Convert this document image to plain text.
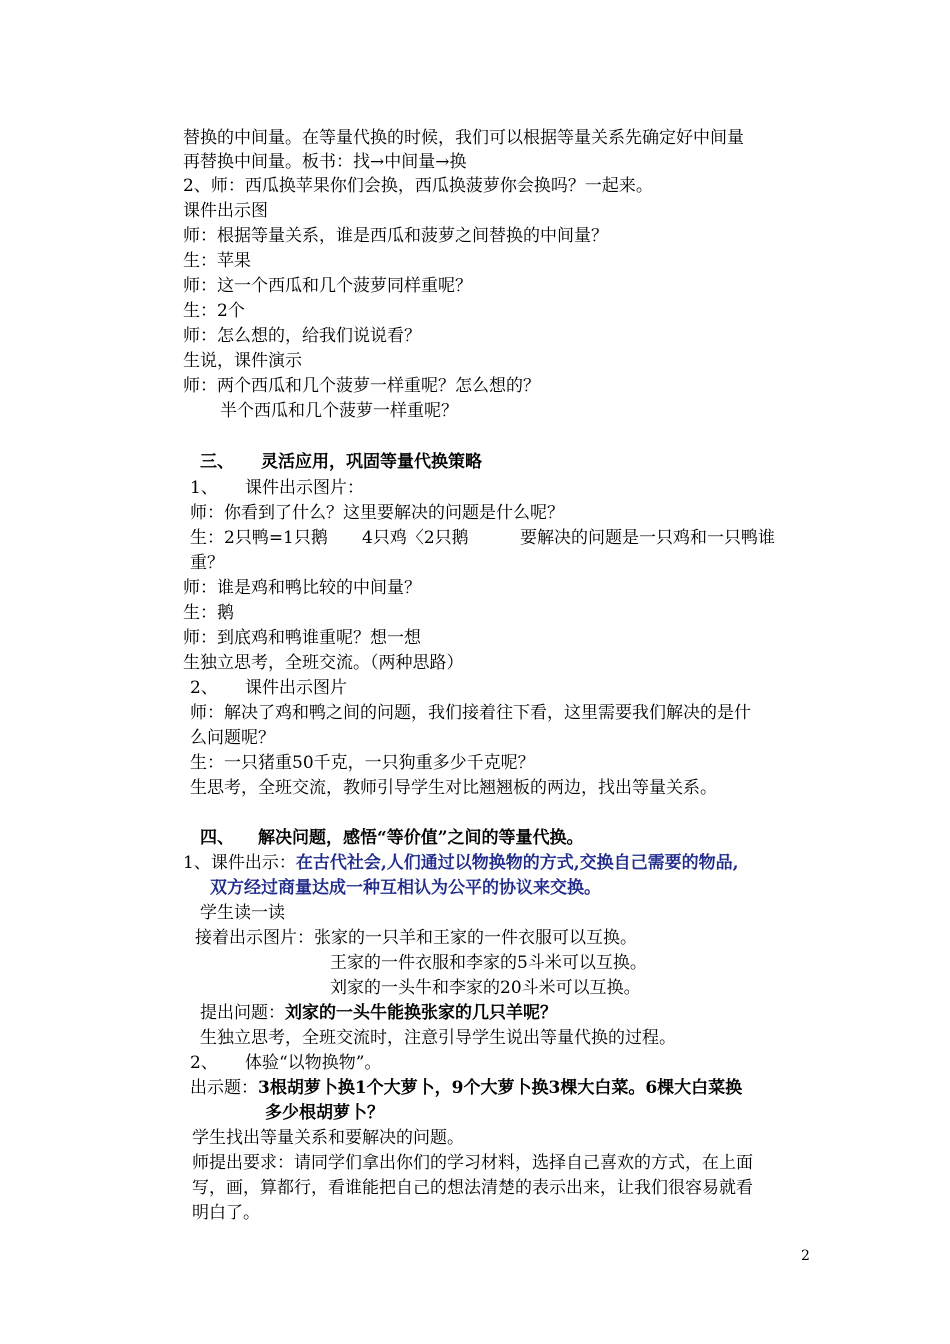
替换的中间量。在等量代换的时候，我们可以根据等量关系先确定好中间量
再替换中间量。板书：找→中间量→换
2、师：西瓜换苹果你们会换，西瓜换菠萝你会换吗？一起来。
课件出示图
师：根据等量关系，谁是西瓜和菠萝之间替换的中间量？
生：苹果
师：这一个西瓜和几个菠萝同样重呢？
生：2个
师：怎么想的，给我们说说看？
生说，课件演示
师：两个西瓜和几个菠萝一样重呢？怎么想的？
半个西瓜和几个菠萝一样重呢？
三、 灵活应用，巩固等量代换策略
1、 课件出示图片：
师：你看到了什么？这里要解决的问题是什么呢？
生：2只鸭=1只鹅 4只鸡〈2只鹅	要解决的问题是一只鸡和一只鸭谁
重？
师：谁是鸡和鸭比较的中间量？
生：鹅
师：到底鸡和鸭谁重呢？想一想
生独立思考，全班交流。（两种思路）
2、 课件出示图片
师：解决了鸡和鸭之间的问题，我们接着往下看，这里需要我们解决的是什
么问题呢？
生：一只猪重50千克，一只狗重多少千克呢？
生思考，全班交流，教师引导学生对比翘翘板的两边，找出等量关系。
四、 解决问题，感悟“等价值”之间的等量代换。
1、课件出示：在古代社会,人们通过以物换物的方式,交换自己需要的物品,
双方经过商量达成一种互相认为公平的协议来交换。
学生读一读
接着出示图片：张家的一只羊和王家的一件衣服可以互换。
王家的一件衣服和李家的5斗米可以互换。
刘家的一头牛和李家的20斗米可以互换。
提出问题：刘家的一头牛能换张家的几只羊呢？
生独立思考，全班交流时，注意引导学生说出等量代换的过程。
2、 体验“以物换物”。
出示题：3根胡萝卜换1个大萝卜，9个大萝卜换3棵大白菜。6棵大白菜换
多少根胡萝卜？
学生找出等量关系和要解决的问题。
师提出要求：请同学们拿出你们的学习材料，选择自己喜欢的方式，在上面
写，画，算都行，看谁能把自己的想法清楚的表示出来，让我们很容易就看
明白了。
2
